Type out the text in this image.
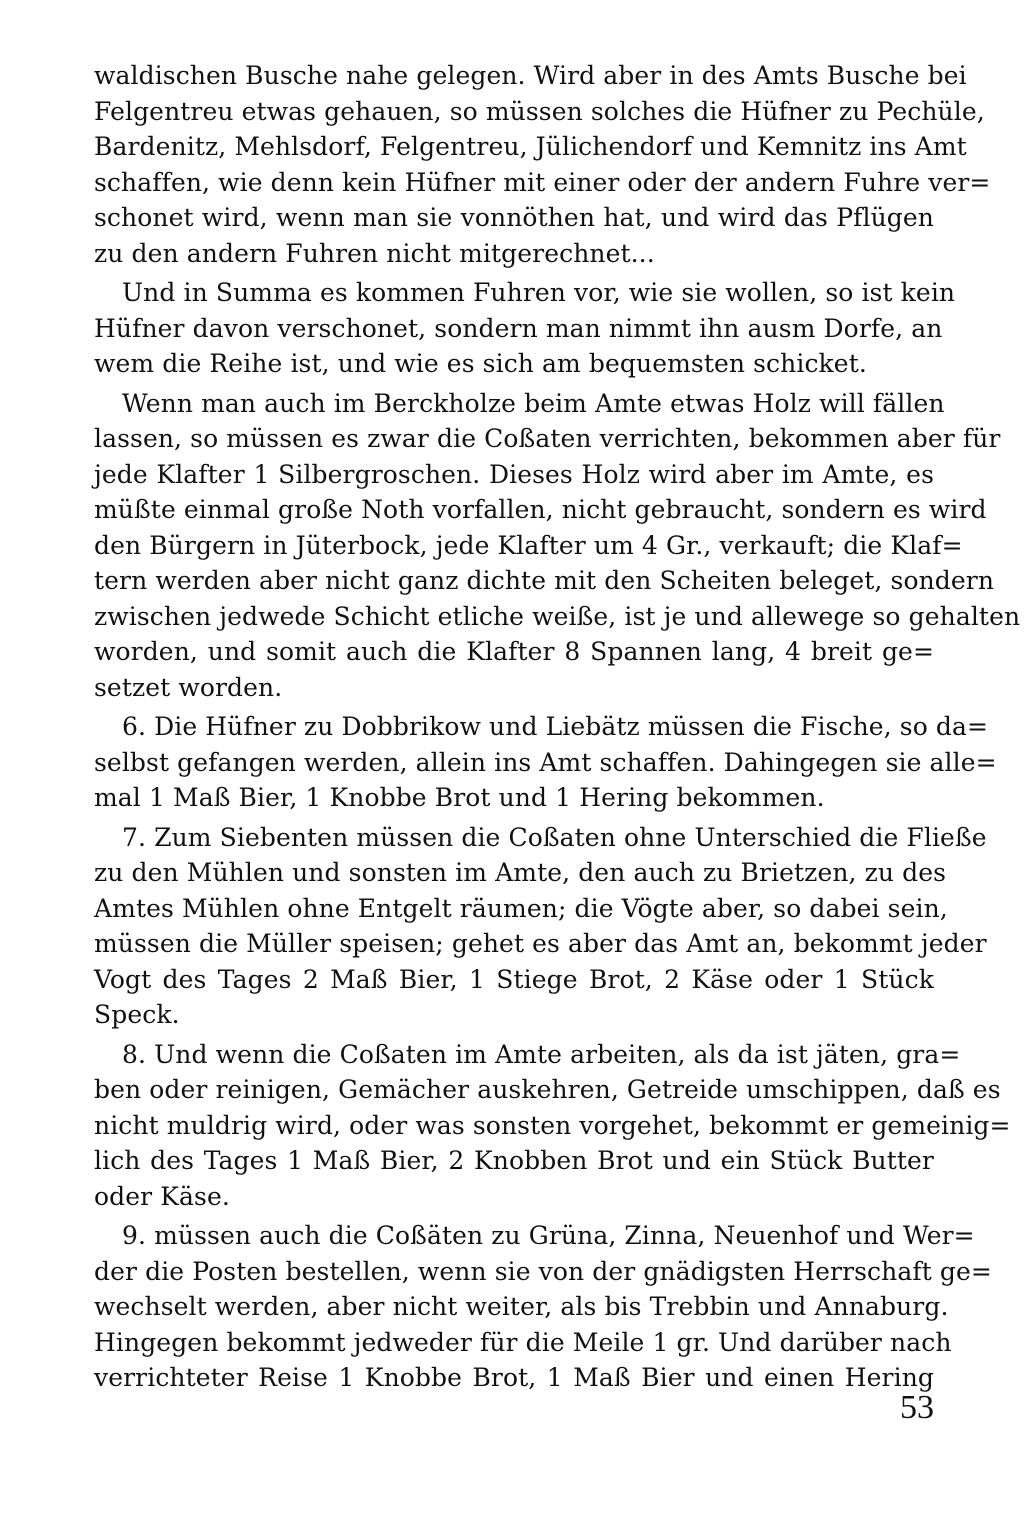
waldischen Busche nahe gelegen. Wird aber in des Amts Busche bei
Felgentreu etwas gehauen, so müssen solches die Hüfner zu Pechüle,
Bardenitz, Mehlsdorf, Felgentreu, Jülichendorf und Kemnitz ins Amt
schaffen, wie denn kein Hüfner mit einer oder der andern Fuhre ver=
schonet wird, wenn man sie vonnöthen hat, und wird das Pflügen
zu den andern Fuhren nicht mitgerechnet...
Und in Summa es kommen Fuhren vor, wie sie wollen, so ist kein
Hüfner davon verschonet, sondern man nimmt ihn ausm Dorfe, an
wem die Reihe ist, und wie es sich am bequemsten schicket.
Wenn man auch im Berckholze beim Amte etwas Holz will fällen
lassen, so müssen es zwar die Coßaten verrichten, bekommen aber für
jede Klafter 1 Silbergroschen. Dieses Holz wird aber im Amte, es
müßte einmal große Noth vorfallen, nicht gebraucht, sondern es wird
den Bürgern in Jüterbock, jede Klafter um 4 Gr., verkauft; die Klaf=
tern werden aber nicht ganz dichte mit den Scheiten beleget, sondern
zwischen jedwede Schicht etliche weiße, ist je und allewege so gehalten
worden, und somit auch die Klafter 8 Spannen lang, 4 breit ge=
setzet worden.
6. Die Hüfner zu Dobbrikow und Liebätz müssen die Fische, so da=
selbst gefangen werden, allein ins Amt schaffen. Dahingegen sie alle=
mal 1 Maß Bier, 1 Knobbe Brot und 1 Hering bekommen.
7. Zum Siebenten müssen die Coßaten ohne Unterschied die Fließe
zu den Mühlen und sonsten im Amte, den auch zu Brietzen, zu des
Amtes Mühlen ohne Entgelt räumen; die Vögte aber, so dabei sein,
müssen die Müller speisen; gehet es aber das Amt an, bekommt jeder
Vogt des Tages 2 Maß Bier, 1 Stiege Brot, 2 Käse oder 1 Stück
Speck.
8. Und wenn die Coßaten im Amte arbeiten, als da ist jäten, gra=
ben oder reinigen, Gemächer auskehren, Getreide umschippen, daß es
nicht muldrig wird, oder was sonsten vorgehet, bekommt er gemeinig=
lich des Tages 1 Maß Bier, 2 Knobben Brot und ein Stück Butter
oder Käse.
9. müssen auch die Coßäten zu Grüna, Zinna, Neuenhof und Wer=
der die Posten bestellen, wenn sie von der gnädigsten Herrschaft ge=
wechselt werden, aber nicht weiter, als bis Trebbin und Annaburg.
Hingegen bekommt jedweder für die Meile 1 gr. Und darüber nach
verrichteter Reise 1 Knobbe Brot, 1 Maß Bier und einen Hering
53
